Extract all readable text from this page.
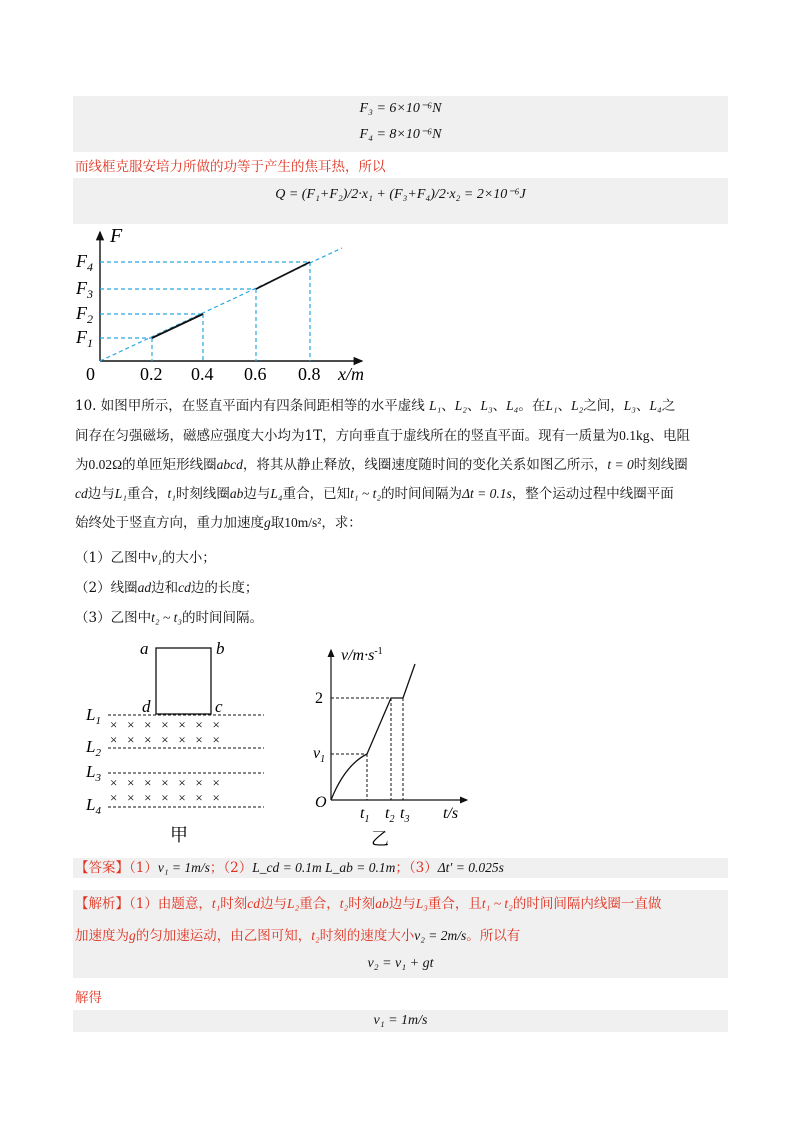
F₃ = 6×10⁻⁶N
F₄ = 8×10⁻⁶N
而线框克服安培力所做的功等于产生的焦耳热，所以
Q = (F₁+F₂)/2·x₁ + (F₃+F₄)/2·x₂ = 2×10⁻⁶J
F
$F_4$
$F_3$
$F_2$
$F_1$
0	0.2 0.4 0.6 0.8 x/m
10. 如图甲所示，在竖直平面内有四条间距相等的水平虚线 L₁、L₂、L₃、L₄。在L₁、L₂之间，L₃、L₄之
间存在匀强磁场，磁感应强度大小均为1T，方向垂直于虚线所在的竖直平面。现有一质量为0.1kg、电阻
为0.02Ω的单匝矩形线圈abcd，将其从静止释放，线圈速度随时间的变化关系如图乙所示，t = 0时刻线圈
cd边与L₁重合，t₁时刻线圈ab边与L₄重合，已知t₁ ~ t₂的时间间隔为Δt = 0.1s，整个运动过程中线圈平面
始终处于竖直方向，重力加速度g取10m/s²，求：
（1）乙图中v₁的大小；
（2）线圈ad边和cd边的长度；
（3）乙图中t₂ ~ t₃的时间间隔。
a	b
c
d
×   ×   ×   ×   ×   ×   ×
×   ×   ×   ×   ×   ×   ×
×   ×   ×   ×   ×   ×   ×
×   ×   ×   ×   ×   ×   ×
$L_1$
$L_2$
$L_3$
$L_4$
甲
$v/m\cdot s^{-1}$
2
$v_1$
O
$t_1$ $t_2$ $t_3$ t/s
乙
【答案】（1）v₁ = 1m/s；（2）L_cd = 0.1m L_ab = 0.1m；（3）Δt′ = 0.025s
【解析】（1）由题意，t₁时刻cd边与L₂重合，t₂时刻ab边与L₃重合，且t₁ ~ t₂的时间间隔内线圈一直做
加速度为g的匀加速运动，由乙图可知，t₂时刻的速度大小v₂ = 2m/s。所以有
v₂ = v₁ + gt
解得
v₁ = 1m/s
